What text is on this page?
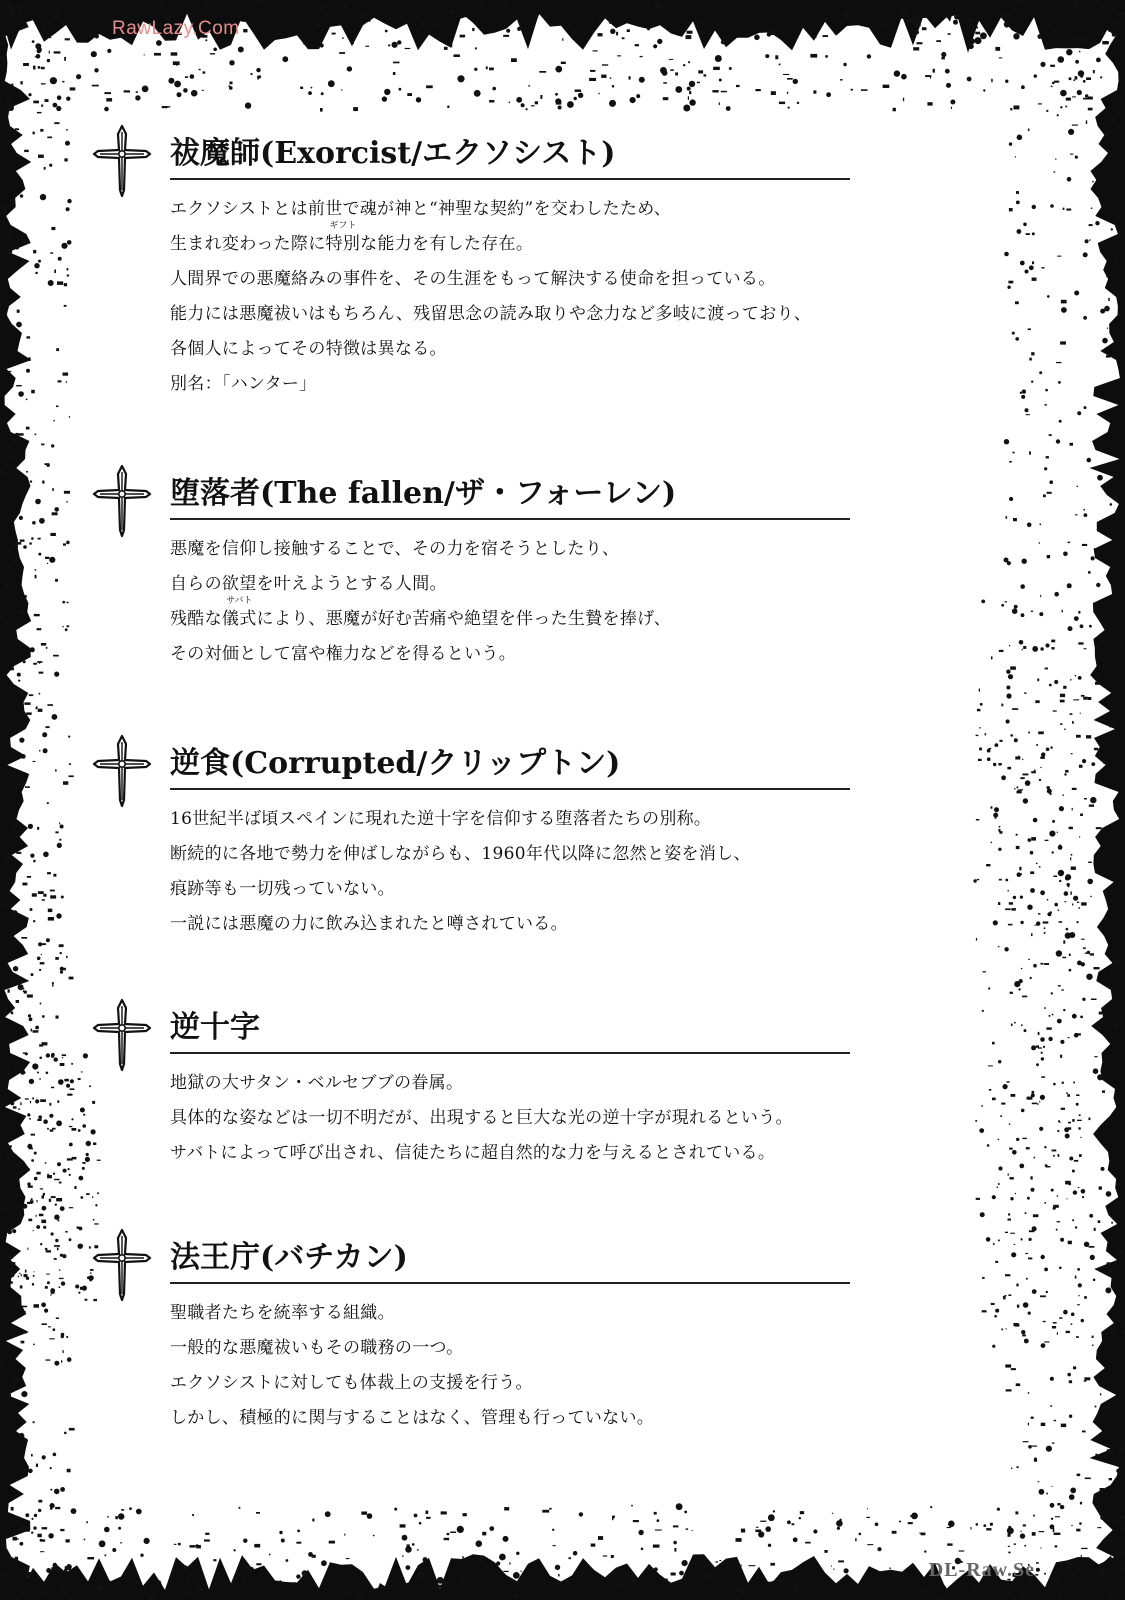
RawLazy.Com
DL-Raw.Se
祓魔師(Exorcist/エクソシスト)
エクソシストとは前世で魂が神と“神聖な契約”を交わしたため、
生まれ変わった際に特別
ギフト
な能力を有した存在。
人間界での悪魔絡みの事件を、その生涯をもって解決する使命を担っている。
能力には悪魔祓いはもちろん、残留思念の読み取りや念力など多岐に渡っており、
各個人によってその特徴は異なる。
別名：「ハンター」
堕落者(The fallen/ザ・フォーレン)
悪魔を信仰し接触することで、その力を宿そうとしたり、
自らの欲望を叶えようとする人間。
残酷な儀式
サバト
により、悪魔が好む苦痛や絶望を伴った生贄を捧げ、
その対価として富や権力などを得るという。
逆食(Corrupted/クリップトン)
16世紀半ば頃スペインに現れた逆十字を信仰する堕落者たちの別称。
断続的に各地で勢力を伸ばしながらも、1960年代以降に忽然と姿を消し、
痕跡等も一切残っていない。
一説には悪魔の力に飲み込まれたと噂されている。
逆十字
地獄の大サタン・ベルセブブの眷属。
具体的な姿などは一切不明だが、出現すると巨大な光の逆十字が現れるという。
サバトによって呼び出され、信徒たちに超自然的な力を与えるとされている。
法王庁(バチカン)
聖職者たちを統率する組織。
一般的な悪魔祓いもその職務の一つ。
エクソシストに対しても体裁上の支援を行う。
しかし、積極的に関与することはなく、管理も行っていない。
